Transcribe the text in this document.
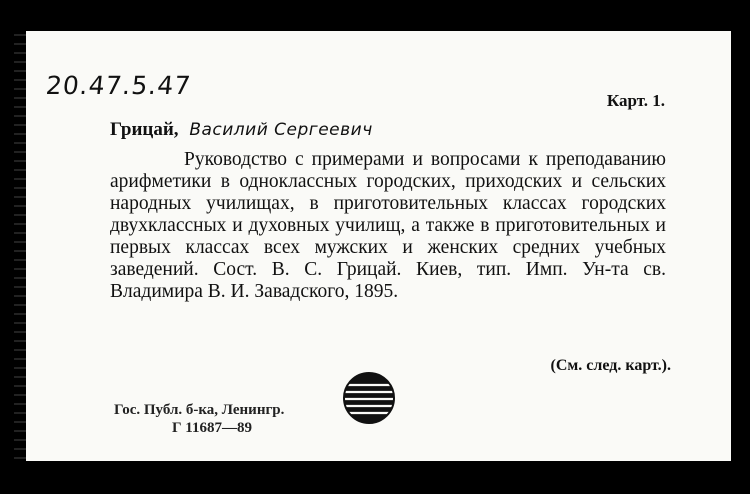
20.47.5.47
Карт. 1.
Грицай, Василий Сергеевич
Руководство с примерами и вопросами к преподаванию арифметики в одноклассных городских, приходских и сельских народных училищах, в приготовительных классах городских двухклассных и духовных училищ, а также в приготовительных и первых классах всех мужских и женских средних учебных заведений. Сост. В. С. Грицай. Киев, тип. Имп. Ун-та св. Владимира В. И. Завадского, 1895.
(См. след. карт.).
Гос. Публ. б-ка, Ленингр.
Г 11687—89
